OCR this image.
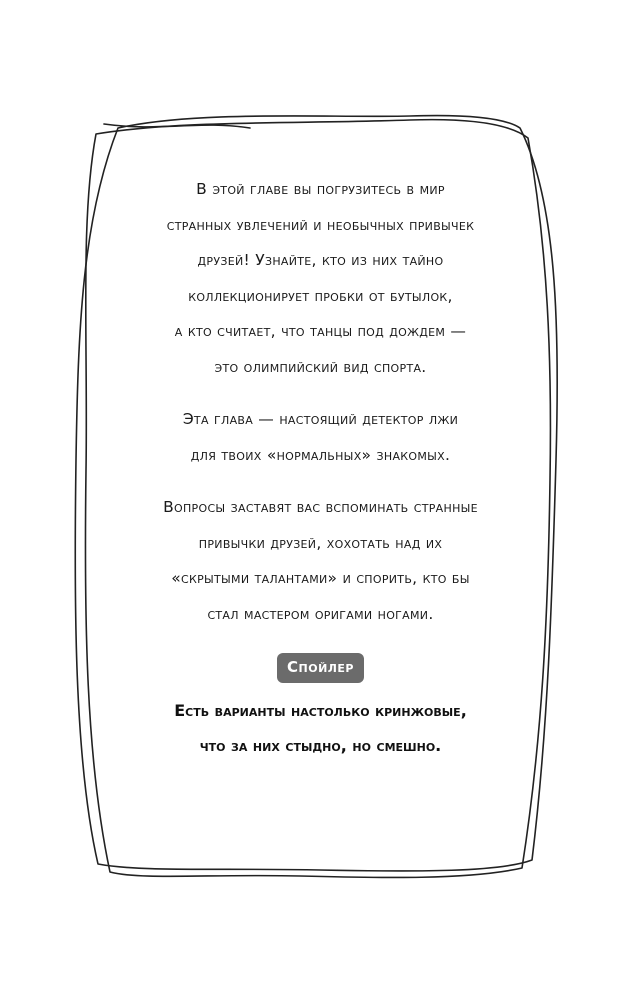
В этой главе вы погрузитесь в мир
странных увлечений и необычных привычек
друзей! Узнайте, кто из них тайно
коллекционирует пробки от бутылок,
а кто считает, что танцы под дождем —
это олимпийский вид спорта.

Эта глава — настоящий детектор лжи
для твоих «нормальных» знакомых.

Вопросы заставят вас вспоминать странные
привычки друзей, хохотать над их
«скрытыми талантами» и спорить, кто бы
стал мастером оригами ногами.

Спойлер
Есть варианты настолько кринжовые,
что за них стыдно, но смешно.
